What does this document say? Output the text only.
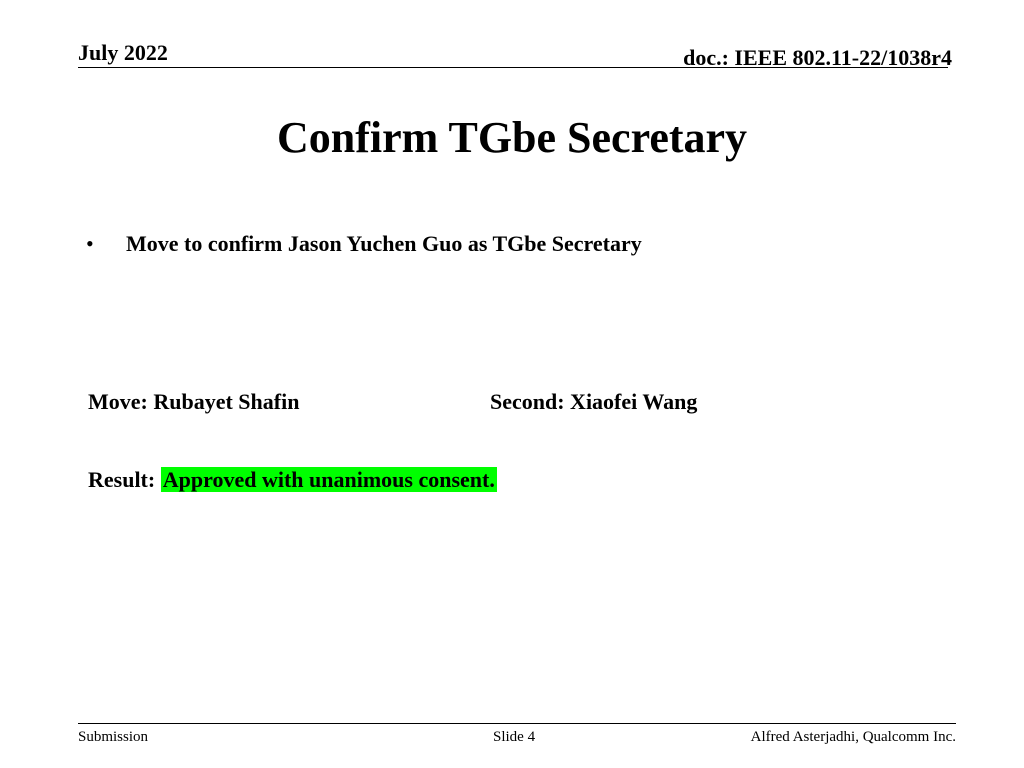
July 2022	doc.: IEEE 802.11-22/1038r4
Confirm TGbe Secretary
• Move to confirm Jason Yuchen Guo as TGbe Secretary
Move: Rubayet Shafin	Second: Xiaofei Wang
Result: Approved with unanimous consent.
Submission	Slide 4	Alfred Asterjadhi, Qualcomm Inc.
